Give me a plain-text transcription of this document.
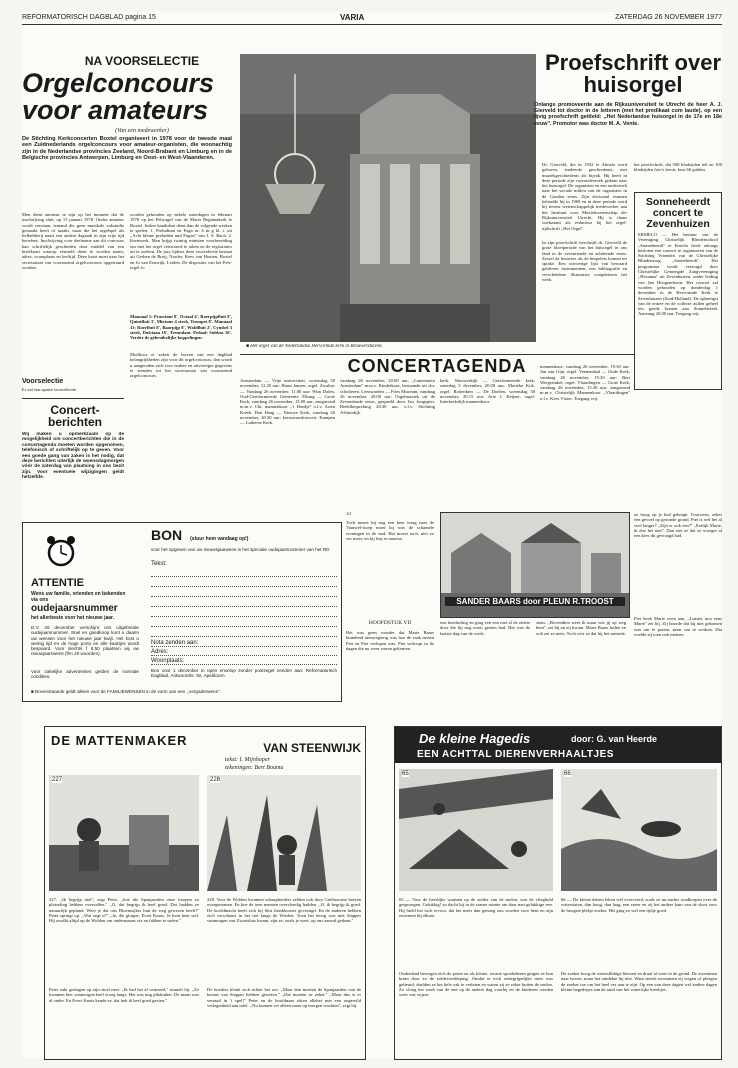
REFORMATORISCH DAGBLAD pagina 15	VARIA	ZATERDAG 26 NOVEMBER 1977
NA VOORSELECTIE
Orgelconcours voor amateurs
(Van een medewerker)
De Stichting Kerkconcerten Boxtel organiseert in 1978 voor de tweede maal een Zuidnederlands orgelconcours voor amateur-organisten, die woonachtig zijn in de Nederlandse provincies Zeeland, Noord-Brabant en Limburg en in de Belgische provincies Antwerpen, Limburg en Oost- en West-Vlaanderen.
Men dient amateur te zijn op het moment dat de inschrijving sluit, op 15 januari 1978. Onder amateur wordt verstaan, iemand die geen muzikale vakstudie gemaakt heeft of maakt, maar die het orgelspel als liefhebberij naast een andere dagtaak in zijn vrije tijd beoefent. Inschrijving voor deelname aan dit concours kan schriftelijk geschieden door middel van een briefkaart waarop vermeld dient te worden naam, adres, woonplaats en leeftijd. Deze kaart moet naar het secretariaat van voornoemd orgelconcours opgestuurd worden.
Voorselectie
Er zal een aparte voorselectie
worden gehouden op enkele zaterdagen in februari 1978 op het Pelsorgel van de Maria Regiunakerk te Boxtel. Iedere kandidaat dient dan de volgende werken te spelen: 1. Preludium en Fuga nr. 6 in g kl. t. uit ,,Acht kleine preludiën und Fugen'' van J. S. Bach. 2. Kernwerk. Men krijgt twintig minuten voorbereiding om met het orgel vertrouwd te raken en de registraties uit te zoeken. De jury tijdens deze voorselectie bestaat uit Gerben de Broij, Norder, Kees van Houten, Boxtel en Jo van Eeuwijk, Leiden. De dispositie van het Pels-orgel is:
Manuaal 1: Praestant 8', Octaaf 4', Roerpijpfluit 8', Quintfluit 3', Mixtuur 4 sterk, Trompet 8'. Manuaal 11: Roerfluit 8', Baarpijp 8', Waldfluit 2', Cymbel 3 sterk, Dulciaan 16', Tremulant. Pedaal: Subbas 16'. Verder de gebruikelijke koppelingen.
Modlicus er zaken de leaven van een dagblad belangrijkheden zijn voor dit orgelconcours, dan wordt u aangeraden zich voor nadere en uitvoeriger gegevens te wenden tot het secretariaat van voornoemd orgelconcours.
Concert-berichten
Wij maken u opmerkzaam op de mogelijkheid om concertberichten die in de concertagenda moeten worden opgenomen, telefonisch of schriftelijk op te geven. Voor een goede gang van zaken is het nodig, dat deze berichten uiterlijk de woensdagmorgen vóór de zaterdag van plaatsing in ons bezit zijn. Voor eventuele wijzigingen geldt hetzelfde.
■ Het orgel van de Nederlandse Hervormde kerk in Brouwershaven.
Proefschrift over huisorgel
Onlangs promoveerde aan de Rijksuniversiteit te Utrecht de heer A. J. Gierveld tot doctor in de letteren (met het predikaat cum laude), op een lijvig proefschrift getiteld: ,,Het Nederlandse huisorgel in de 17e en 18e eeuw''. Promotor was doctor M. A. Vente.
Dr. Gierveld, die in 1932 te Almelo werd geboren, studeerde geschiedenis, met muziekgeschiedenis als bijvak. Hij heeft in deze periode zijn vooronderzoek gedaan naar het huisorgel. De organisten en een onderzoek naar het sociale milieu van de organisten in de Gouden eeuw. Zijn doctoraal examen behaalde hij in 1969 en in deze periode werd hij tevens wetenschappelijk medewerker aan het Instituut voor Muziekwetenschap der Rijksuniversiteit Utrecht. Hij is thans werkzaam als redacteur bij het orgel-tijdschrift ,,Het Orgel''.
In zijn proefschrift beschrijft dr. Gierveld de grote bloeiperiode van het huisorgel in ons land in de zeventiende en achttiende eeuw. Zowel de bouwers als de bespelers komen ter sprake. Een uitvoerige lijst van bewaard gebleven instrumenten, een bibliografie en verscheidene illustraties completeren het werk.
het proefschrift, dat 500 bladzijden telt en 100 bladzijden foto's bevat, kost 60 gulden.
Sonneheerdt concert te Zevenhuizen
ERMELO — Het bestuur van de Vereniging Christelijk Blindenschool ,,Sonneheerdt'' te Ermelo heeft onlangs besloten een concert te organiseren van de Stichting Vrienden van de Christelijke Blindenzorg ,,Sonneheerdt''. Het programma wordt verzorgd door Christelijke Gemengde Zangvereniging ,,Hosanna'' uit Zevenhuizen, onder leiding van Jan Hoogendoorn. Het concert zal worden gehouden op donderdag 1 december in de Hervormde Kerk te Zevenhuizen (Zuid-Holland). De opbrengst van de entree en de collecte zullen geheel ten goede komen aan Sonneheerdt. Aanvang 20.00 uur. Toegang vrij.
CONCERTAGENDA
Amsterdam — Vrije universiteit, woensdag 30 november, 12.45 uur: Harm Jansen, orgel. Zwaluw — Vandaag 26 november, 11.00 uur: Wim Dalen, Oud-Gereformeerde Gemeente. Elburg — Grote Kerk, vandaag 26 november, 15.00 uur, zangavond m.m.v. Chr. mannenkoor ,,'t Haedje'' o.l.v. Arien Kreek. Den Haag — Nieuwe Kerk, vandaag 26 november, 20.30 uur: kerstavondconcert. Kampen — Lutherse Kerk.
vandaag 26 november, 20.00 uur, ,,Lamentatio Amsterdam'' m.m.v. Kinderkoor, bestaande uit chr. scholieren. Leeuwarden — Fries Museum, vandaag 26 november, 20.00 uur: Orgelmuziek uit de Zeventiende eeuw, gespeeld door Jan Jongepier. Beeldbespreking 20.30 uur, o.l.v. Stichting Afsluitdijk.
kerk. Nieuwerkijk — Gereformeerde kerk, zaterdag 3 december, 20.00 uur: Marieke Kok, orgel. Rotterdam — De Doelen, woensdag 30 november, 20.15 uur: Arie J. Keijzer, orgel. Interkerkelijk mannenkoor.
mannenkoor, vandaag 26 november, 19.30 uur: Jan van Gijn, orgel. Veenendaal — Oude Kerk, vandaag 26 november, 19.30 uur: Bert Wiegerinkel, orgel. Vlaardingen — Grote Kerk, vandaag 26 november, 15.30 uur: zangavond m.m.v. Christelijk Mannenkoor ,,Vlaardingen'' o.l.v. Kees Visser. Toegang vrij.
ATTENTIE
Wens uw familie, vrienden en bekenden via ons
oudejaarsnummer
het allerbeste voor het nieuwe jaar.
D.V. 26 december verschijnt ons uitgebreide oudejaarsnummer. Snel en goedkoop kunt u daarin uw wensen voor het nieuwe jaar kwijt. Het kost u weinig tijd en de hoge porto en alle kaartjes wordt bespaard. Voor slechts f 9,50 plaatsen wij uw nieuwjaarswens (f/m 20 woorden).
Voor zakelijke advertenties gelden de normale condities.
BON (stuur hem vandaag op!)
voor het opgeven van uw nieuwsjaarwens in het speciale oudejaarsnummer van het RD
Tekst:
Nota zenden aan:
Adres:
Woonplaats:
Bon voor 1 december in open envelop zonder postzegel zenden aan: Reformatorisch Dagblad, Antwoordnr. 92, Apeldoorn.
■ Bovenstaande geldt alleen voor de FAMILIEWENSEN in de vorm van een ,,vergaderwens''.
33
Toch moest hij nog een keer terug naar de Vaarwel-stoep moet hij was de schamele woningen in de stad. Het moest toch, niet zo ver meer, en hij liep er naartoe.
SANDER BAARS door PLEUN R.TROOST
HOOFDSTUK VII
Het was geen wonder dat Marie Baars brandend nieuwsgierig was hoe de zaak tussen Piet en Piet verlopen was. Piet verloopt in de dagen die nu weer waren gekomen.
een hoedachtig en ging een een met al de ziekte door die hij nog nooit gezien had. Het was de laatste dag van de week.
stem. ,,Bovendien weet ik maar wie jij op weg bent'', zei hij en zij kwam. Marie Baars lachte en ook zei ze niets. Toch wist ze dat hij het meende.
zo hoog op je bed geknapt. Trouwens, zeker een gevoel op gezonde grond. Piet is wel het al veel langer? ,,Zijn er ook een?'' ,,Eerlijk Marie, ik doe het niet''. Dan ziet ze dat ze vroeger al een keer dit gevraagd had.
Piet keek Marie even aan, ,,Luister nou eens Marie'' zei hij. Zij hoorde dat hij niet gekomen was om te praten, maar om te werken. Dat voelde zij toen ook meteen.
DE MATTENMAKER	VAN STEENWIJK
tekst: I. Mijnhoper
tekeningen: Bert Bouma
227	228
227. ,,Ik begrijp niet'', zegt Peter, ,,hoe die Spanjaarden onze troepen zo plotseling hebben overvallen.'' ,,O, dat begrijp ik heel goed. Dat hadden ze natuurlijk gepland. Weet je dat ons Bloemsijker hun de weg gewezen heeft?'' Peter springt op. ,,Wat zegt u?'' ,,Ja, die gluiper, Evert Knots. Je kent hem wel. Hij zwalkt altijd op de Wolden om ondermaans via en fakken te stelen.''
Peter zakt geslagen op zijn stoel neer. ,,Ik had het al vermoed,'' stamelt hij. ,,Ze kwamen hier vanmorgen heel vroeg langs. Het was nog pikdonker. De maan was al onder. En Evert Knots kende ze, dat heb ik heel goed gezien.''
228. Voor de Wolden kwamen schaapherders zelden ook door Giethoornse boeren overgenomen. En hoe de toen mensen overvloedig hadden. ,,O, ik begrijp ik goed. De hoofdmacht heeft zich bij Sint Jansklooster gevestigd. En de anderen hebben zich verschanst in het riet langs de Wieden. Toen het bezig was met Stapper vanmorgen van Zwartsluis kwam, zijn ze, zoals je weet, op ons aanval gedaan.''
De hoeders klonk zich achter het oor. ,,Maar dan moeten de Spanjaarden van de kennis van Stapper hebben geweten.'' ,,Dat moeten ze zeker.'' ,,Maar dus is er verraad in 't spel!'' Peter en de hoofdman zitten allebei met een ongewild verlegenheid aan tafel. ,,Nu kunnen we alleen maar op morgen wachten'', zegt hij.
De kleine Hagedis	door: G. van Heerde
EEN ACHTTAL DIERENVERHAALTJES
65	66
65 — Voor de heerlijke warmen op de zolder van de molen, was de vlieghold gesprongen. Gelukkig! zo dacht hij in de zomer ruimte om daar met gelukkige een. Hij hield het toch ervoor, dat het meer dan genoeg zou worden voor hem en zijn zwermen bij elkaar.
Onderdaad bewegen zich de poten en als kleine, zwarte spookdieren gingen ze hun kruin door zo de zolderverdieping. Omdat er toch onbegrijpelijke niets was gebeurd, durfden ze het hele vak te verlaten en waren zij ze zeker buiten de molen. Zo vloog het werk van de ene op de andere dag voorbij en de kinderen werden weer wat wijzer.
66 — De kleine dieren leken wel overvoerd, zoals ze nu nachts rondkropen over de waterstaten, dan hoog, dan laag, een zoeer en zij het andere kant van de sloot voor de hoogste plekje zoeker. Het ging zo wel een tijdje goed.
De zoeker hoog de waterslibbige blessen en draaf al weer in de grond. De zwemmen naar boven, maar het ontdekte hij niet. Want steeds zwommen zij wegen of pleegen de zoeker toe om het heel ver aan te zijn. Op een van deze dagen wel andere dagen kleine hagedisjes aan de rand van het waterrijke kreekjes.
